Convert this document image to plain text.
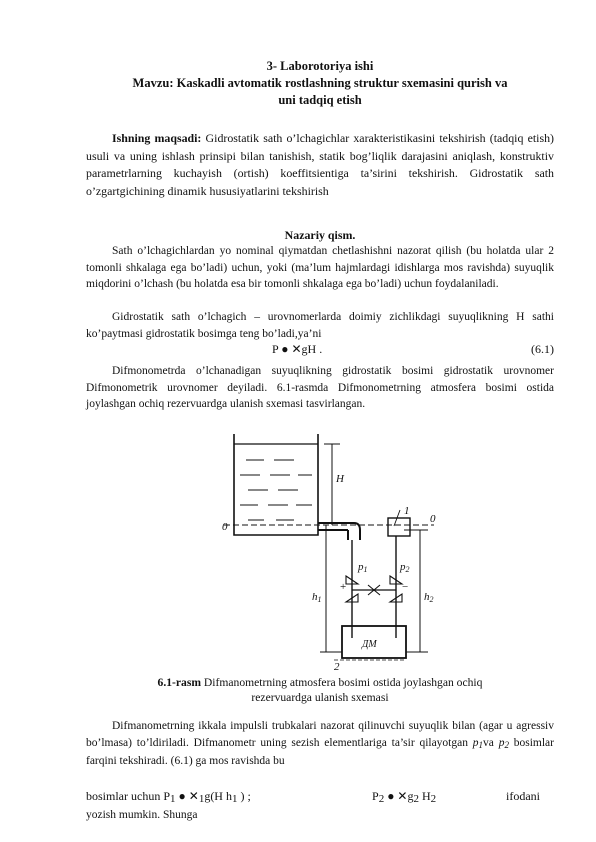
3- Laborotoriya ishi
Mavzu: Kaskadli avtomatik rostlashning struktur sxemasini qurish va
uni tadqiq etish
Ishning maqsadi: Gidrostatik sath o’lchagichlar xarakteristikasini tekshirish (tadqiq etish) usuli va uning ishlash prinsipi bilan tanishish, statik bog’liqlik darajasini aniqlash, konstruktiv parametrlarning kuchayish (ortish) koeffitsientiga ta’sirini tekshirish. Gidrostatik sath o’zgartgichining dinamik hususiyatlarini tekshirish
Nazariy qism.
Sath o’lchagichlardan yo nominal qiymatdan chetlashishni nazorat qilish (bu holatda ular 2 tomonli shkalaga ega bo’ladi) uchun, yoki (ma’lum hajmlardagi idishlarga mos ravishda) suyuqlik miqdorini o’lchash (bu holatda esa bir tomonli shkalaga ega bo’ladi) uchun foydalaniladi.
Gidrostatik sath o’lchagich – urovnomerlarda doimiy zichlikdagi suyuqlikning H sathi ko’paytmasi gidrostatik bosimga teng bo’ladi,ya’ni
P ● ✕gH .	(6.1)
Difmonometrda o’lchanadigan suyuqlikning gidrostatik bosimi gidrostatik urovnomer Difmonometrik urovnomer deyiladi. 6.1-rasmda Difmonometrning atmosfera bosimi ostida joylashgan ochiq rezervuardga ulanish sxemasi tasvirlangan.
H
0
0
1
p1	p2
h1	h2
+	−
ДМ
2
6.1-rasm Difmanometrning atmosfera bosimi ostida joylashgan ochiq
rezervuardga ulanish sxemasi
Difmanometrning ikkala impulsli trubkalari nazorat qilinuvchi suyuqlik bilan (agar u agressiv bo’lmasa) to’ldiriladi. Difmanometr uning sezish elementlariga ta’sir qilayotgan $p_1va$ $p_2$ bosimlar farqini tekshiradi. (6.1) ga mos ravishda bu
bosimlar uchun P1 ● ✕1g(H h1 ) ;	P2 ● ✕g2 H2	ifodani
yozish mumkin. Shunga
